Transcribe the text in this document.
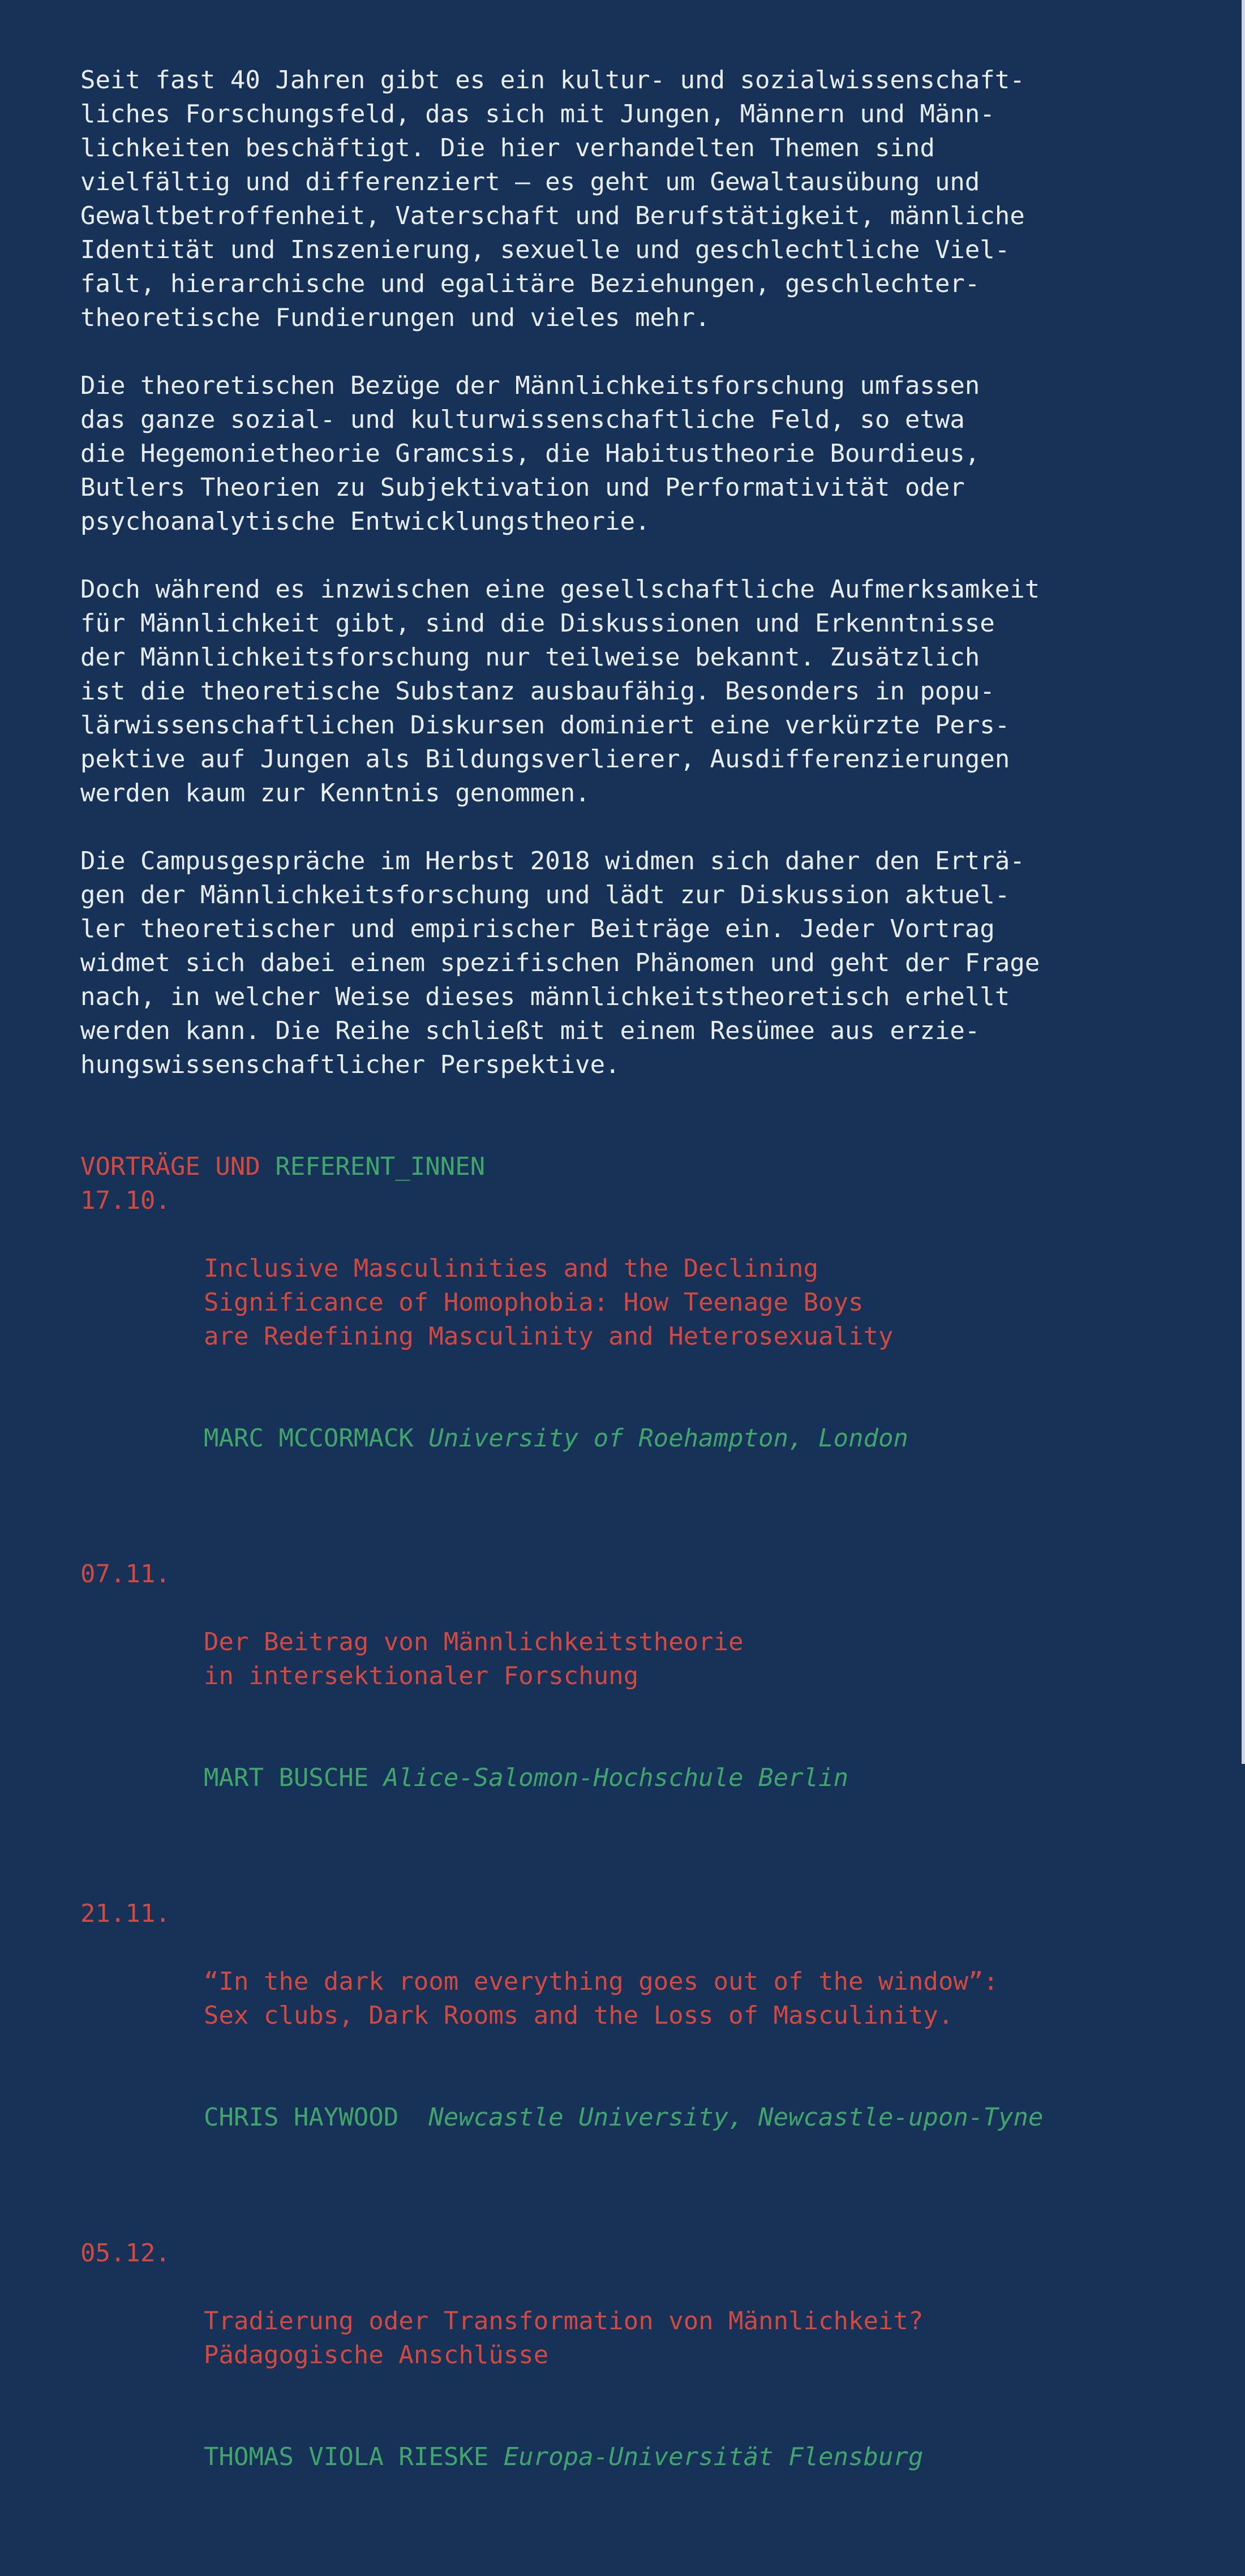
Seit fast 40 Jahren gibt es ein kultur- und sozialwissenschaft-
liches Forschungsfeld, das sich mit Jungen, Männern und Männ-
lichkeiten beschäftigt. Die hier verhandelten Themen sind
vielfältig und differenziert – es geht um Gewaltausübung und
Gewaltbetroffenheit, Vaterschaft und Berufstätigkeit, männliche
Identität und Inszenierung, sexuelle und geschlechtliche Viel-
falt, hierarchische und egalitäre Beziehungen, geschlechter-
theoretische Fundierungen und vieles mehr.

Die theoretischen Bezüge der Männlichkeitsforschung umfassen
das ganze sozial- und kulturwissenschaftliche Feld, so etwa
die Hegemonietheorie Gramcsis, die Habitustheorie Bourdieus,
Butlers Theorien zu Subjektivation und Performativität oder
psychoanalytische Entwicklungstheorie.

Doch während es inzwischen eine gesellschaftliche Aufmerksamkeit
für Männlichkeit gibt, sind die Diskussionen und Erkenntnisse
der Männlichkeitsforschung nur teilweise bekannt. Zusätzlich
ist die theoretische Substanz ausbaufähig. Besonders in popu-
lärwissenschaftlichen Diskursen dominiert eine verkürzte Pers-
pektive auf Jungen als Bildungsverlierer, Ausdifferenzierungen
werden kaum zur Kenntnis genommen.

Die Campusgespräche im Herbst 2018 widmen sich daher den Erträ-
gen der Männlichkeitsforschung und lädt zur Diskussion aktuel-
ler theoretischer und empirischer Beiträge ein. Jeder Vortrag
widmet sich dabei einem spezifischen Phänomen und geht der Frage
nach, in welcher Weise dieses männlichkeitstheoretisch erhellt
werden kann. Die Reihe schließt mit einem Resümee aus erzie-
hungswissenschaftlicher Perspektive.

VORTRÄGE UND REFERENT_INNEN
17.10.

Inclusive Masculinities and the Declining
Significance of Homophobia: How Teenage Boys
are Redefining Masculinity and Heterosexuality

MARC MCCORMACK University of Roehampton, London

07.11.

Der Beitrag von Männlichkeitstheorie
in intersektionaler Forschung

MART BUSCHE Alice-Salomon-Hochschule Berlin

21.11.

“In the dark room everything goes out of the window”:
Sex clubs, Dark Rooms and the Loss of Masculinity.

CHRIS HAYWOOD  Newcastle University, Newcastle-upon-Tyne

05.12.

Tradierung oder Transformation von Männlichkeit?
Pädagogische Anschlüsse

THOMAS VIOLA RIESKE Europa-Universität Flensburg
